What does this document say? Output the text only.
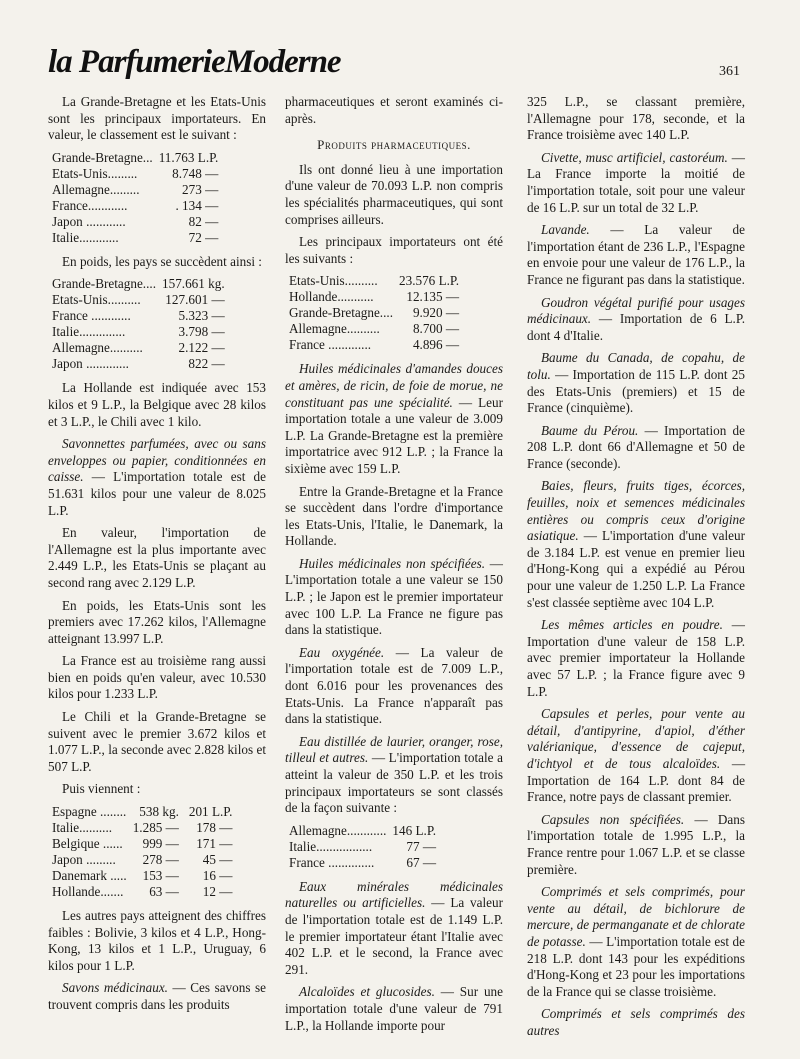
la ParfumerieModerne	361

La Grande-Bretagne et les Etats-Unis sont les principaux importateurs. En valeur, le classement est le suivant :

Grande-Bretagne...	11.763 L.P.
Etats-Unis.........	8.748 —
Allemagne.........	273 —
France............	. 134 —
Japon ............	82 —
Italie............	72 —

En poids, les pays se succèdent ainsi :

Grande-Bretagne....	157.661 kg.
Etats-Unis..........	127.601 —
France ............	5.323 —
Italie..............	3.798 —
Allemagne..........	2.122 —
Japon .............	822 —

La Hollande est indiquée avec 153 kilos et 9 L.P., la Belgique avec 28 kilos et 3 L.P., le Chili avec 1 kilo.

Savonnettes parfumées, avec ou sans enveloppes ou papier, conditionnées en caisse. — L'importation totale est de 51.631 kilos pour une valeur de 8.025 L.P.

En valeur, l'importation de l'Allemagne est la plus importante avec 2.449 L.P., les Etats-Unis se plaçant au second rang avec 2.129 L.P.

En poids, les Etats-Unis sont les premiers avec 17.262 kilos, l'Allemagne atteignant 13.997 L.P.

La France est au troisième rang aussi bien en poids qu'en valeur, avec 10.530 kilos pour 1.233 L.P.

Le Chili et la Grande-Bretagne se suivent avec le premier 3.672 kilos et 1.077 L.P., la seconde avec 2.828 kilos et 507 L.P.

Puis viennent :

Espagne ........	538 kg.	201 L.P.
Italie..........	1.285 —	178 —
Belgique ......	999 —	171 —
Japon .........	278 —	45 —
Danemark .....	153 —	16 —
Hollande.......	63 —	12 —

Les autres pays atteignent des chiffres faibles : Bolivie, 3 kilos et 4 L.P., Hong-Kong, 13 kilos et 1 L.P., Uruguay, 6 kilos pour 1 L.P.

Savons médicinaux. — Ces savons se trouvent compris dans les produits

pharmaceutiques et seront examinés ci-après.

Produits pharmaceutiques.

Ils ont donné lieu à une importation d'une valeur de 70.093 L.P. non compris les spécialités pharmaceutiques, qui sont comprises ailleurs.

Les principaux importateurs ont été les suivants :

Etats-Unis..........	23.576 L.P.
Hollande...........	12.135 —
Grande-Bretagne....	9.920 —
Allemagne..........	8.700 —
France .............	4.896 —

Huiles médicinales d'amandes douces et amères, de ricin, de foie de morue, ne constituant pas une spécialité. — Leur importation totale a une valeur de 3.009 L.P. La Grande-Bretagne est la première importatrice avec 912 L.P. ; la France la sixième avec 159 L.P.

Entre la Grande-Bretagne et la France se succèdent dans l'ordre d'importance les Etats-Unis, l'Italie, le Danemark, la Hollande.

Huiles médicinales non spécifiées. — L'importation totale a une valeur se 150 L.P. ; le Japon est le premier importateur avec 100 L.P. La France ne figure pas dans la statistique.

Eau oxygénée. — La valeur de l'importation totale est de 7.009 L.P., dont 6.016 pour les provenances des Etats-Unis. La France n'apparaît pas dans la statistique.

Eau distillée de laurier, oranger, rose, tilleul et autres. — L'importation totale a atteint la valeur de 350 L.P. et les trois principaux importateurs se sont classés de la façon suivante :

Allemagne............	146 L.P.
Italie.................	77 —
France ..............	67 —

Eaux minérales médicinales naturelles ou artificielles. — La valeur de l'importation totale est de 1.149 L.P. le premier importateur étant l'Italie avec 402 L.P. et le second, la France avec 291.

Alcaloïdes et glucosides. — Sur une importation totale d'une valeur de 791 L.P., la Hollande importe pour

325 L.P., se classant première, l'Allemagne pour 178, seconde, et la France troisième avec 140 L.P.

Civette, musc artificiel, castoréum. — La France importe la moitié de l'importation totale, soit pour une valeur de 16 L.P. sur un total de 32 L.P.

Lavande. — La valeur de l'importation étant de 236 L.P., l'Espagne en envoie pour une valeur de 176 L.P., la France ne figurant pas dans la statistique.

Goudron végétal purifié pour usages médicinaux. — Importation de 6 L.P. dont 4 d'Italie.

Baume du Canada, de copahu, de tolu. — Importation de 115 L.P. dont 25 des Etats-Unis (premiers) et 15 de France (cinquième).

Baume du Pérou. — Importation de 208 L.P. dont 66 d'Allemagne et 50 de France (seconde).

Baies, fleurs, fruits tiges, écorces, feuilles, noix et semences médicinales entières ou compris ceux d'origine asiatique. — L'importation d'une valeur de 3.184 L.P. est venue en premier lieu d'Hong-Kong qui a expédié au Pérou pour une valeur de 1.250 L.P. La France s'est classée septième avec 104 L.P.

Les mêmes articles en poudre. — Importation d'une valeur de 158 L.P. avec premier importateur la Hollande avec 57 L.P. ; la France figure avec 9 L.P.

Capsules et perles, pour vente au détail, d'antipyrine, d'apiol, d'éther valérianique, d'essence de cajeput, d'ichtyol et de tous alcaloïdes. — Importation de 164 L.P. dont 84 de France, notre pays de classant premier.

Capsules non spécifiées. — Dans l'importation totale de 1.995 L.P., la France rentre pour 1.067 L.P. et se classe première.

Comprimés et sels comprimés, pour vente au détail, de bichlorure de mercure, de permanganate et de chlorate de potasse. — L'importation totale est de 218 L.P. dont 143 pour les expéditions d'Hong-Kong et 23 pour les importations de la France qui se classe troisième.

Comprimés et sels comprimés des autres
